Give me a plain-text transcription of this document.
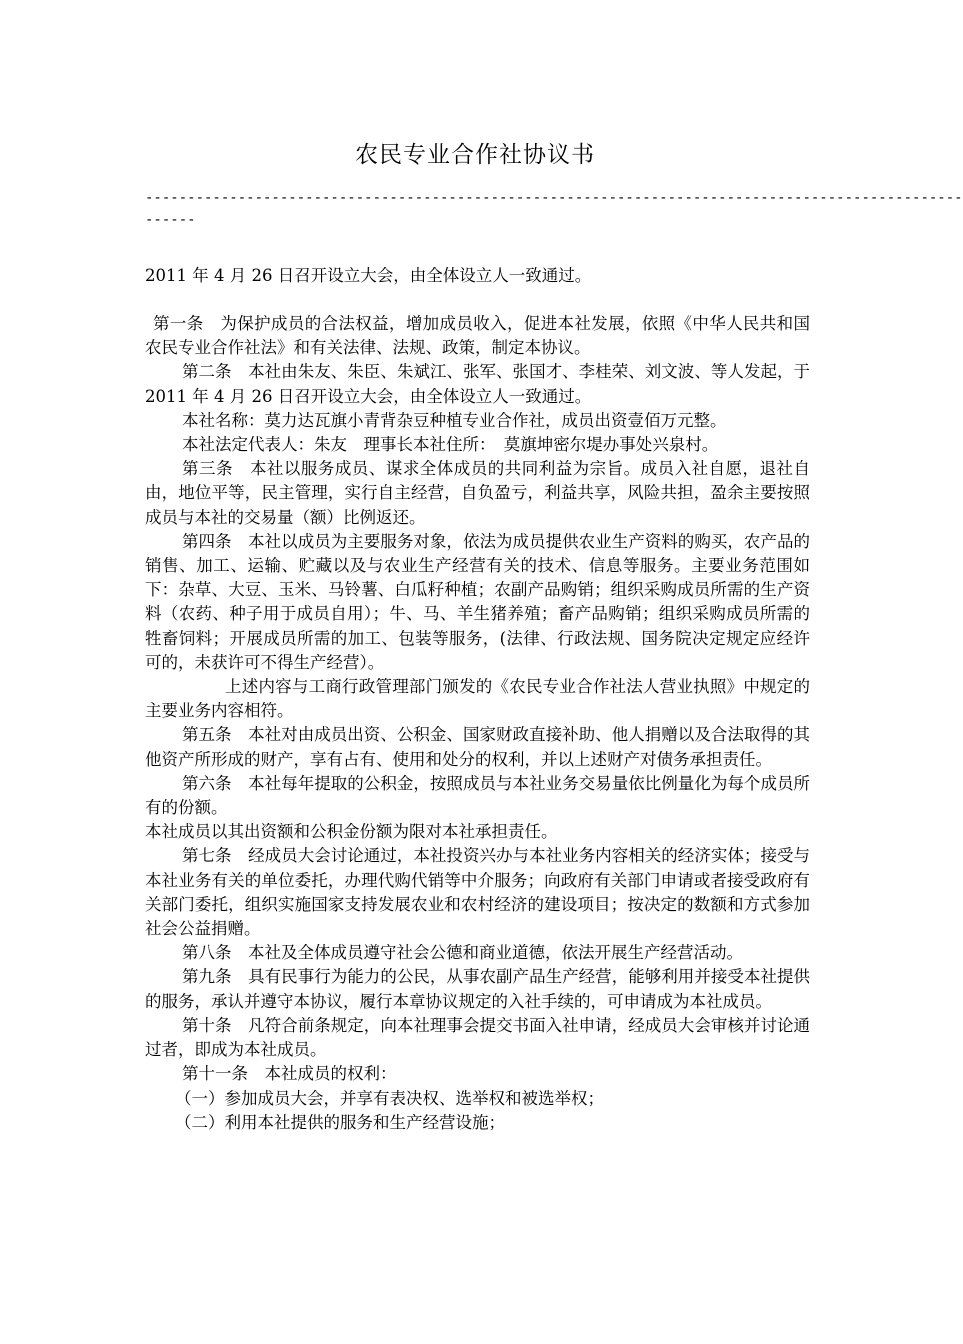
农民专业合作社协议书
-------------------------------------------------------------------------------------------------
------
2011 年 4 月 26 日召开设立大会，由全体设立人一致通过。

第一条　为保护成员的合法权益，增加成员收入，促进本社发展，依照《中华人民共和国农民专业合作社法》和有关法律、法规、政策，制定本协议。

第二条　本社由朱友、朱臣、朱斌江、张军、张国才、李桂荣、刘文波、等人发起，于 2011 年 4 月 26 日召开设立大会，由全体设立人一致通过。

本社名称：莫力达瓦旗小青背杂豆种植专业合作社，成员出资壹佰万元整。

本社法定代表人：朱友　理事长本社住所：　莫旗坤密尔堤办事处兴泉村。

第三条　本社以服务成员、谋求全体成员的共同利益为宗旨。成员入社自愿，退社自由，地位平等，民主管理，实行自主经营，自负盈亏，利益共享，风险共担，盈余主要按照成员与本社的交易量（额）比例返还。

第四条　本社以成员为主要服务对象，依法为成员提供农业生产资料的购买，农产品的销售、加工、运输、贮藏以及与农业生产经营有关的技术、信息等服务。主要业务范围如下：杂草、大豆、玉米、马铃薯、白瓜籽种植；农副产品购销；组织采购成员所需的生产资料（农药、种子用于成员自用）；牛、马、羊生猪养殖；畜产品购销；组织采购成员所需的牲畜饲料；开展成员所需的加工、包装等服务，(法律、行政法规、国务院决定规定应经许可的，未获许可不得生产经营）。

上述内容与工商行政管理部门颁发的《农民专业合作社法人营业执照》中规定的主要业务内容相符。

第五条　本社对由成员出资、公积金、国家财政直接补助、他人捐赠以及合法取得的其他资产所形成的财产，享有占有、使用和处分的权利，并以上述财产对债务承担责任。

第六条　本社每年提取的公积金，按照成员与本社业务交易量依比例量化为每个成员所有的份额。

本社成员以其出资额和公积金份额为限对本社承担责任。

第七条　经成员大会讨论通过，本社投资兴办与本社业务内容相关的经济实体；接受与本社业务有关的单位委托，办理代购代销等中介服务；向政府有关部门申请或者接受政府有关部门委托，组织实施国家支持发展农业和农村经济的建设项目；按决定的数额和方式参加社会公益捐赠。

第八条　本社及全体成员遵守社会公德和商业道德，依法开展生产经营活动。

第九条　具有民事行为能力的公民，从事农副产品生产经营，能够利用并接受本社提供的服务，承认并遵守本协议，履行本章协议规定的入社手续的，可申请成为本社成员。

第十条　凡符合前条规定，向本社理事会提交书面入社申请，经成员大会审核并讨论通过者，即成为本社成员。

第十一条　本社成员的权利：

（一）参加成员大会，并享有表决权、选举权和被选举权；

（二）利用本社提供的服务和生产经营设施；
